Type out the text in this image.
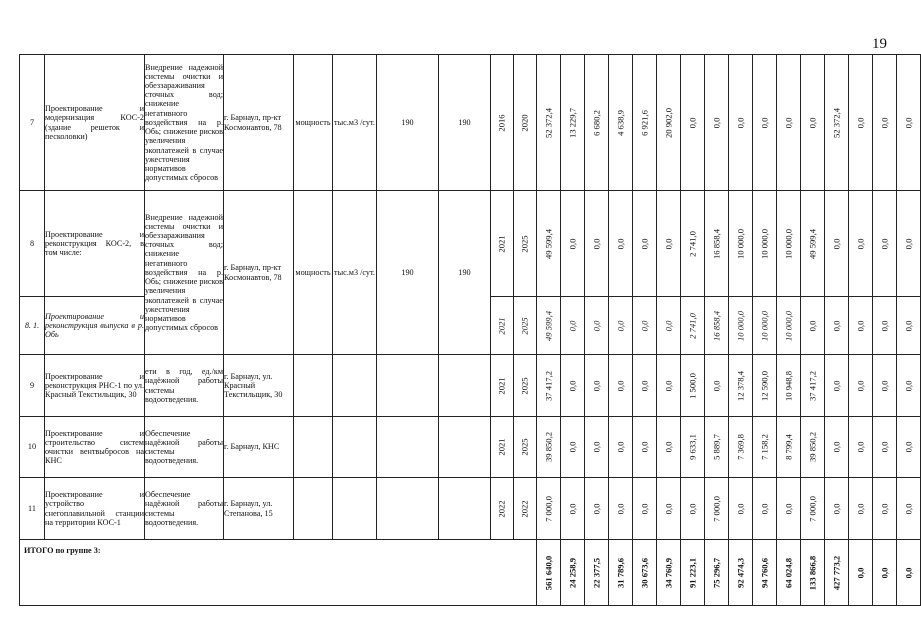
19
7	Проектирование и модернизация КОС-2 (здание решеток и песколовки)	Внедрение надежной системы очистки и обеззараживания сточных вод; снижение негативного воздействия на р. Обь; снижение рисков увеличения экоплатежей в случае ужесточения нормативов допустимых сбросов	г. Барнаул, пр-кт Космонавтов, 78	мощность	тыс.м3 /сут.	190	190	2016	2020	52 372,4	13 229,7	6 680,2	4 638,9	6 921,6	20 902,0	0,0	0,0	0,0	0,0	0,0	0,0	52 372,4	0,0	0,0	0,0

8	Проектирование и реконструкция КОС-2, в том числе:	Внедрение надежной системы очистки и обеззараживания сточных вод; снижение негативного воздействия на р. Обь; снижение рисков увеличения экоплатежей в случае ужесточения нормативов допустимых сбросов	г. Барнаул, пр-кт Космонавтов, 78	мощность	тыс.м3 /сут.	190	190	2021	2025	49 599,4	0,0	0,0	0,0	0,0	0,0	2 741,0	16 858,4	10 000,0	10 000,0	10 000,0	49 599,4	0,0	0,0	0,0	0,0

8. 1.	Проектирование и реконструкция выпуска в р. Обь							2021	2025	49 599,4	0,0	0,0	0,0	0,0	0,0	2 741,0	16 858,4	10 000,0	10 000,0	10 000,0	0,0	0,0	0,0	0,0	0,0

9	Проектирование и реконструкция РНС-1 по ул. Красный Текстильщик, 30	ети в год, ед./км надёжной работы системы водоотведения.	г. Барнаул, ул. Красный Текстильщик, 30					2021	2025	37 417,2	0,0	0,0	0,0	0,0	0,0	1 500,0	0,0	12 378,4	12 590,0	10 948,8	37 417,2	0,0	0,0	0,0	0,0

10	Проектирование и строительство систем очистки вентвыбросов на КНС	Обеспечение надёжной работы системы водоотведения.	г. Барнаул, КНС					2021	2025	39 850,2	0,0	0,0	0,0	0,0	0,0	9 633,1	5 889,7	7 369,8	7 158,2	8 799,4	39 850,2	0,0	0,0	0,0	0,0

11	Проектирование и устройство снегоплавильной станции на территории КОС-1	Обеспечение надёжной работы системы водоотведения.	г. Барнаул, ул. Степанова, 15					2022	2022	7 000,0	0,0	0,0	0,0	0,0	0,0	0,0	7 000,0	0,0	0,0	0,0	7 000,0	0,0	0,0	0,0	0,0

ИТОГО по группе 3:										561 640,0	24 258,9	22 377,5	31 789,6	30 673,6	34 760,9	91 223,1	75 296,7	92 474,3	94 760,6	64 024,8	133 866,8	427 773,2	0,0	0,0	0,0
